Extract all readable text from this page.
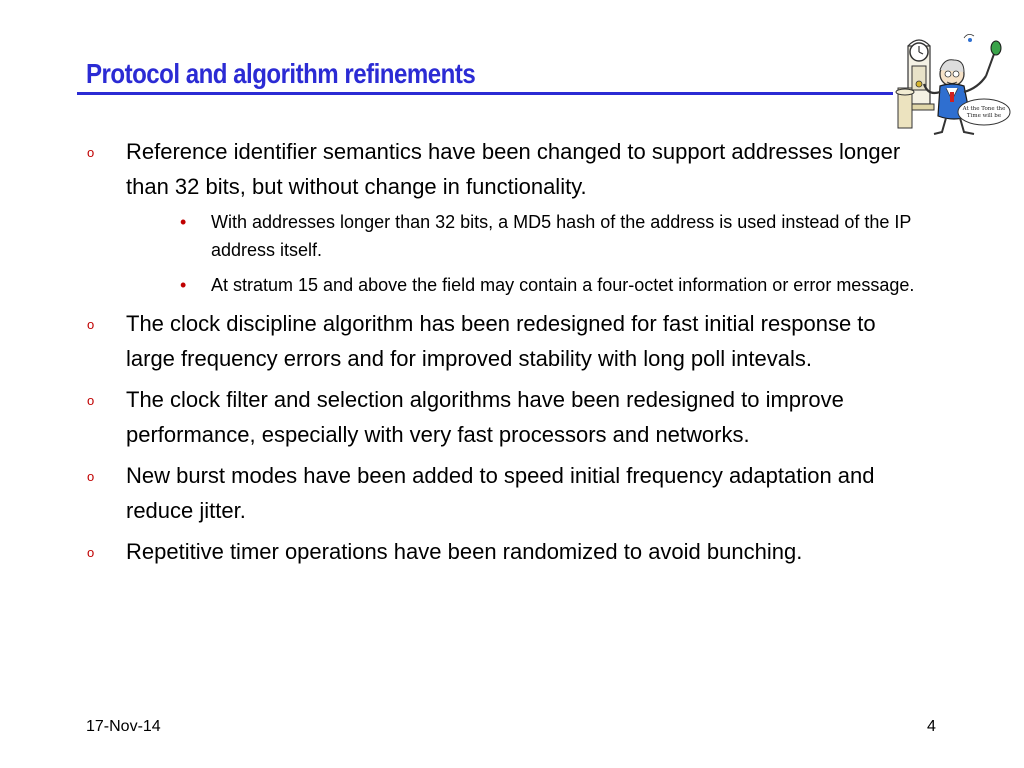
Protocol and algorithm refinements
At the Tone the
Time will be
o Reference identifier semantics have been changed to support addresses longer than 32 bits, but without change in functionality.
• With addresses longer than 32 bits, a MD5 hash of the address is used instead of the IP address itself.
• At stratum 15 and above the field may contain a four-octet information or error message.
o The clock discipline algorithm has been redesigned for fast initial response to large frequency errors and for improved stability with long poll intevals.
o The clock filter and selection algorithms have been redesigned to improve performance, especially with very fast processors and networks.
o New burst modes have been added to speed initial frequency adaptation and reduce jitter.
o Repetitive timer operations have been randomized to avoid bunching.
17-Nov-14	4
